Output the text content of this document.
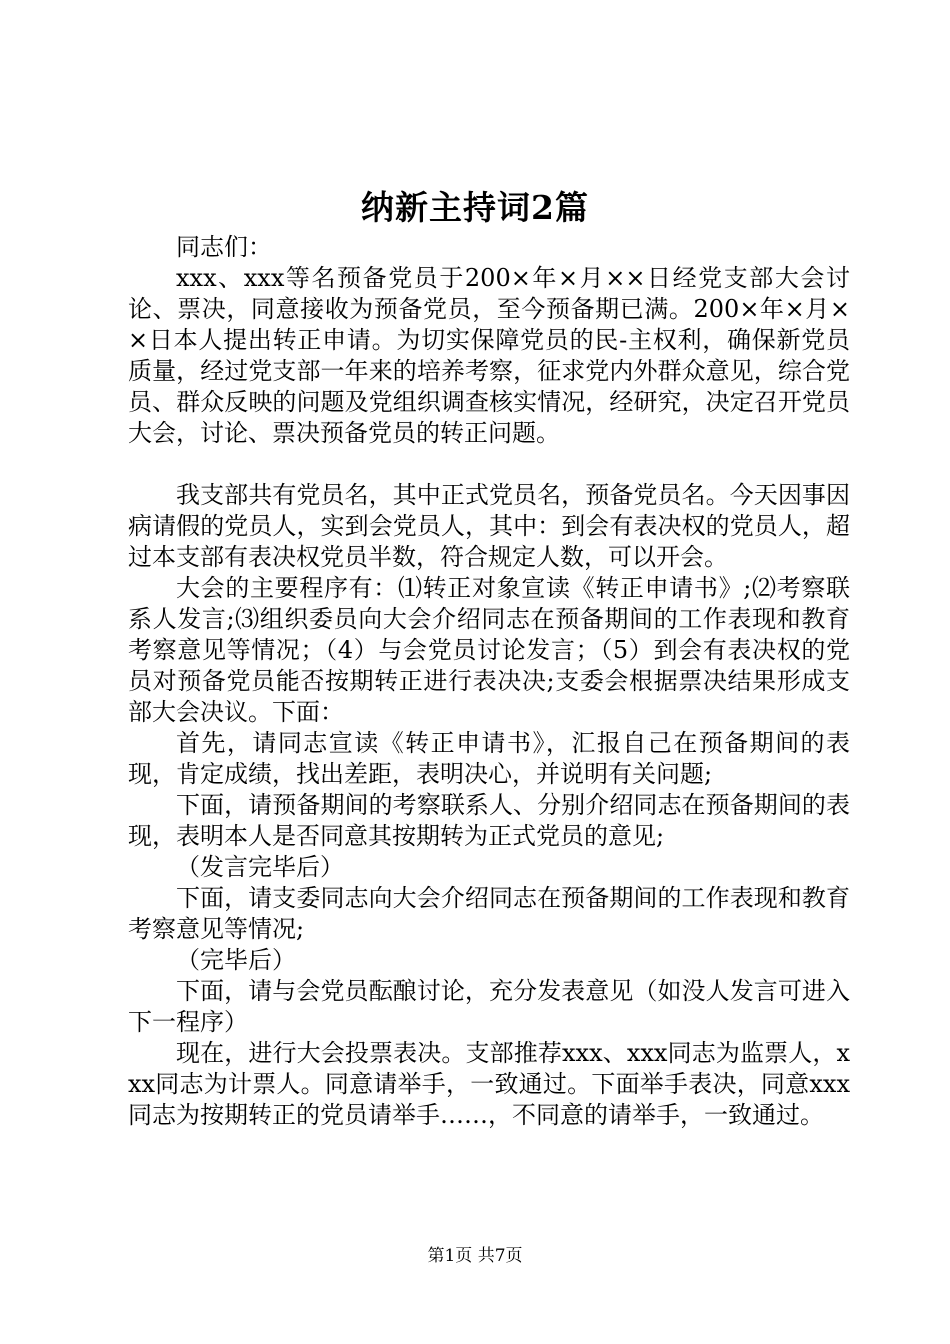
纳新主持词2篇

同志们：

xxx、xxx等名预备党员于200×年×月××日经党支部大会讨论、票决，同意接收为预备党员，至今预备期已满。200×年×月××日本人提出转正申请。为切实保障党员的民-主权利，确保新党员质量，经过党支部一年来的培养考察，征求党内外群众意见，综合党员、群众反映的问题及党组织调查核实情况，经研究，决定召开党员大会，讨论、票决预备党员的转正问题。

我支部共有党员名，其中正式党员名，预备党员名。今天因事因病请假的党员人，实到会党员人，其中：到会有表决权的党员人，超过本支部有表决权党员半数，符合规定人数，可以开会。

大会的主要程序有：⑴转正对象宣读《转正申请书》;⑵考察联系人发言;⑶组织委员向大会介绍同志在预备期间的工作表现和教育考察意见等情况；（4）与会党员讨论发言；（5）到会有表决权的党员对预备党员能否按期转正进行表决决;支委会根据票决结果形成支部大会决议。下面：

首先，请同志宣读《转正申请书》，汇报自己在预备期间的表现，肯定成绩，找出差距，表明决心，并说明有关问题;

下面，请预备期间的考察联系人、分别介绍同志在预备期间的表现，表明本人是否同意其按期转为正式党员的意见;

（发言完毕后）

下面，请支委同志向大会介绍同志在预备期间的工作表现和教育考察意见等情况;

（完毕后）

下面，请与会党员酝酿讨论，充分发表意见（如没人发言可进入下一程序）

现在，进行大会投票表决。支部推荐xxx、xxx同志为监票人，xxx同志为计票人。同意请举手，一致通过。下面举手表决，同意xxx同志为按期转正的党员请举手……，不同意的请举手，一致通过。

第1页 共7页
